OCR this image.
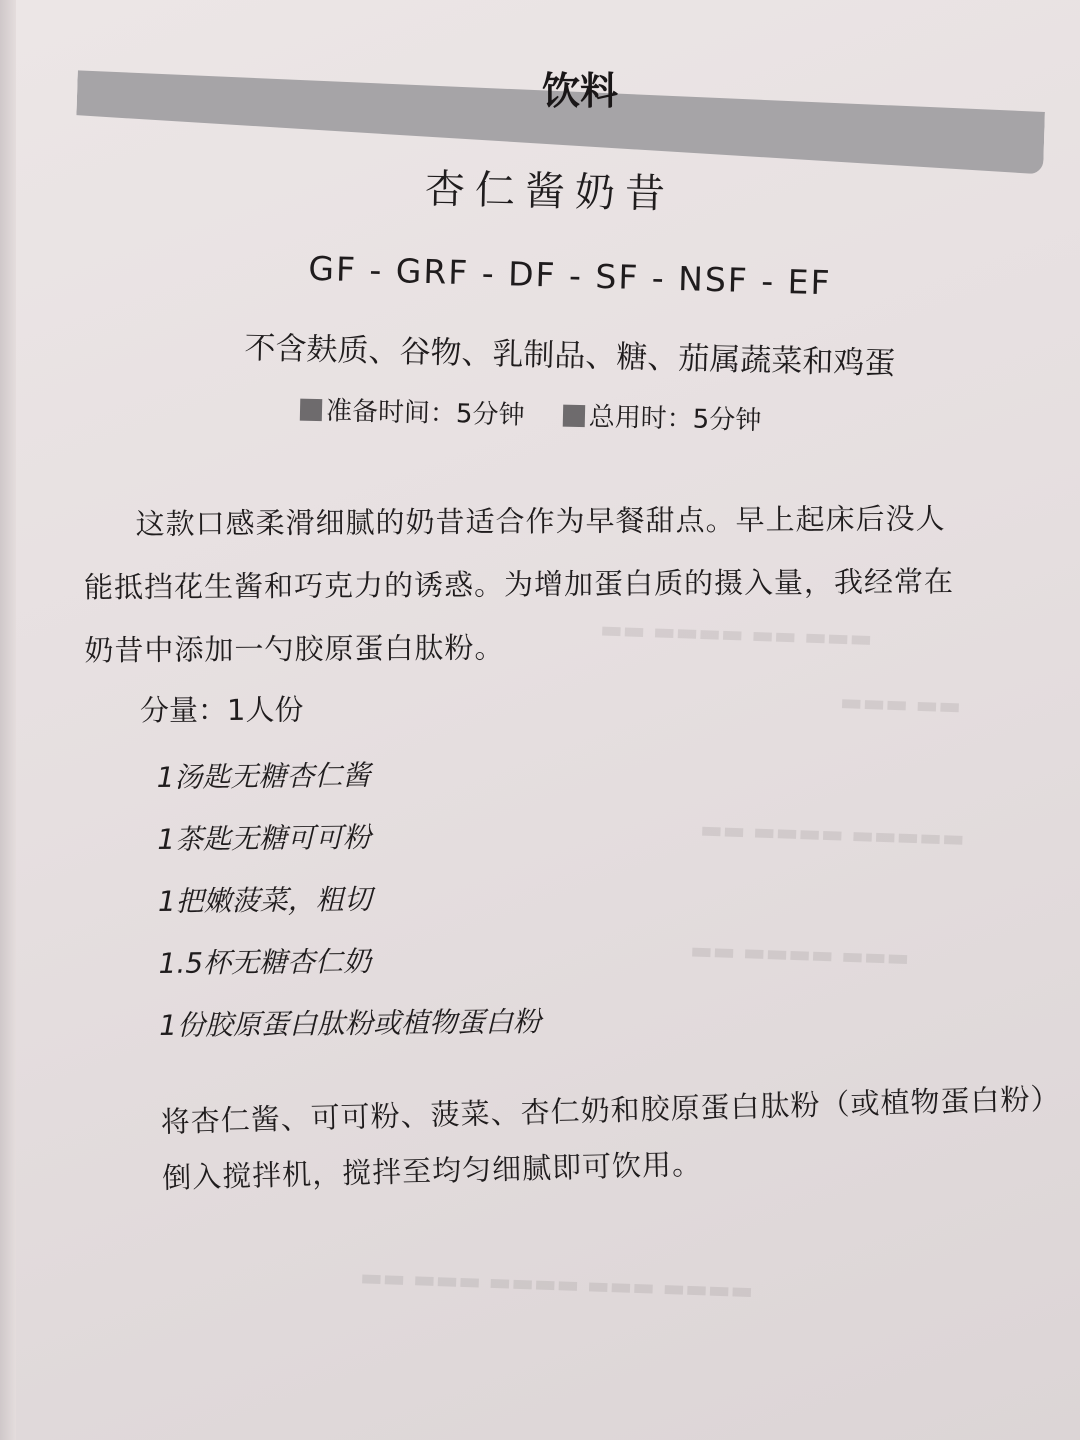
▬▬▬ ▬▬ ▬▬▬▬ ▬▬
▬▬ ▬▬▬
▬▬▬▬▬ ▬▬▬▬ ▬▬
▬▬▬ ▬▬▬▬ ▬▬
▬▬▬▬ ▬▬▬ ▬▬▬▬ ▬▬▬ ▬▬
饮料
杏仁酱奶昔
GF - GRF - DF - SF - NSF - EF
不含麸质、谷物、乳制品、糖、茄属蔬菜和鸡蛋
准备时间：5分钟 总用时：5分钟
这款口感柔滑细腻的奶昔适合作为早餐甜点。早上起床后没人
能抵挡花生酱和巧克力的诱惑。为增加蛋白质的摄入量，我经常在
奶昔中添加一勺胶原蛋白肽粉。
分量：1人份
1汤匙无糖杏仁酱
1茶匙无糖可可粉
1把嫩菠菜，粗切
1.5杯无糖杏仁奶
1份胶原蛋白肽粉或植物蛋白粉
将杏仁酱、可可粉、菠菜、杏仁奶和胶原蛋白肽粉（或植物蛋白粉）倒入搅拌机，搅拌至均匀细腻即可饮用。
